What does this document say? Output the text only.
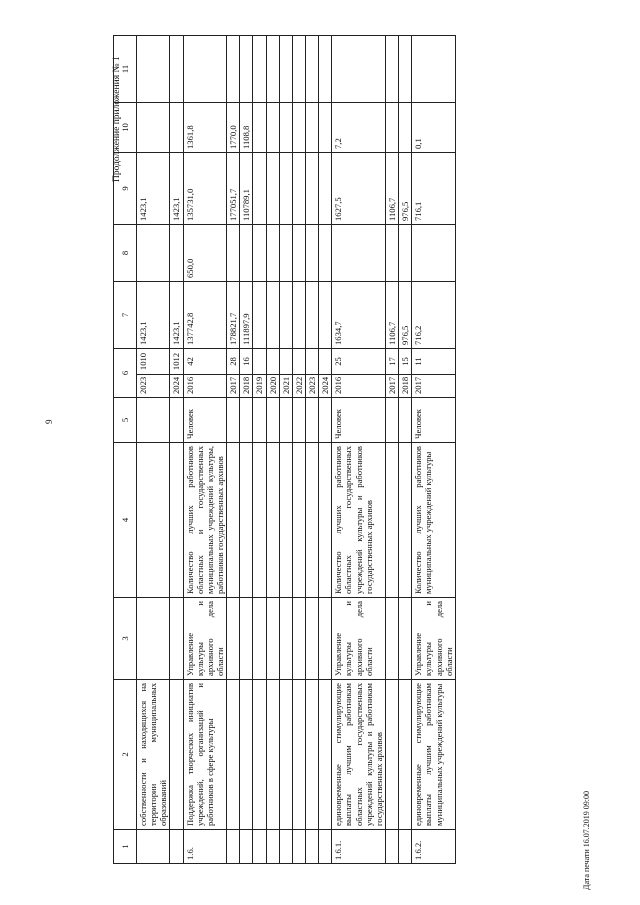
9
Продолжение приложения № 1
Дата печати 16.07.2019 09:00
1	2	3	4	5	6		7	8	9	10	11
	собственности и находящихся на территории муниципальных образований				2023	1010	1423,1		1423,1		
					2024	1012	1423,1		1423,1		
1.6.	Поддержка творческих инициатив учреждений, организаций и работников в сфере культуры	Управление культуры и архивного дела области	Количество лучших работников областных и государственных муниципальных учреждений культуры, работников государственных архивов	Человек	2016	42	137742,8	650,0	135731,0	1361,8	
					2017	28	178821,7		177051,7	1770,0	
					2018	16	111897,9		110789,1	1108,8	
					2019						
					2020						
					2021						
					2022						
					2023						
					2024						
1.6.1.	единовременные стимулирующие выплаты лучшим работникам областных государственных учреждений культуры и работникам государственных архивов	Управление культуры и архивного дела области	Количество лучших работников областных государственных учреждений культуры и работников государственных архивов	Человек	2016	25	1634,7		1627,5	7,2	
					2017	17	1106,7		1106,7		
					2018	15	976,5		976,5		
1.6.2.	единовременные стимулирующие выплаты лучшим работникам муниципальных учреждений культуры	Управление культуры и архивного дела области	Количество лучших работников муниципальных учреждений культуры	Человек	2017	11	716,2		716,1	0,1	
